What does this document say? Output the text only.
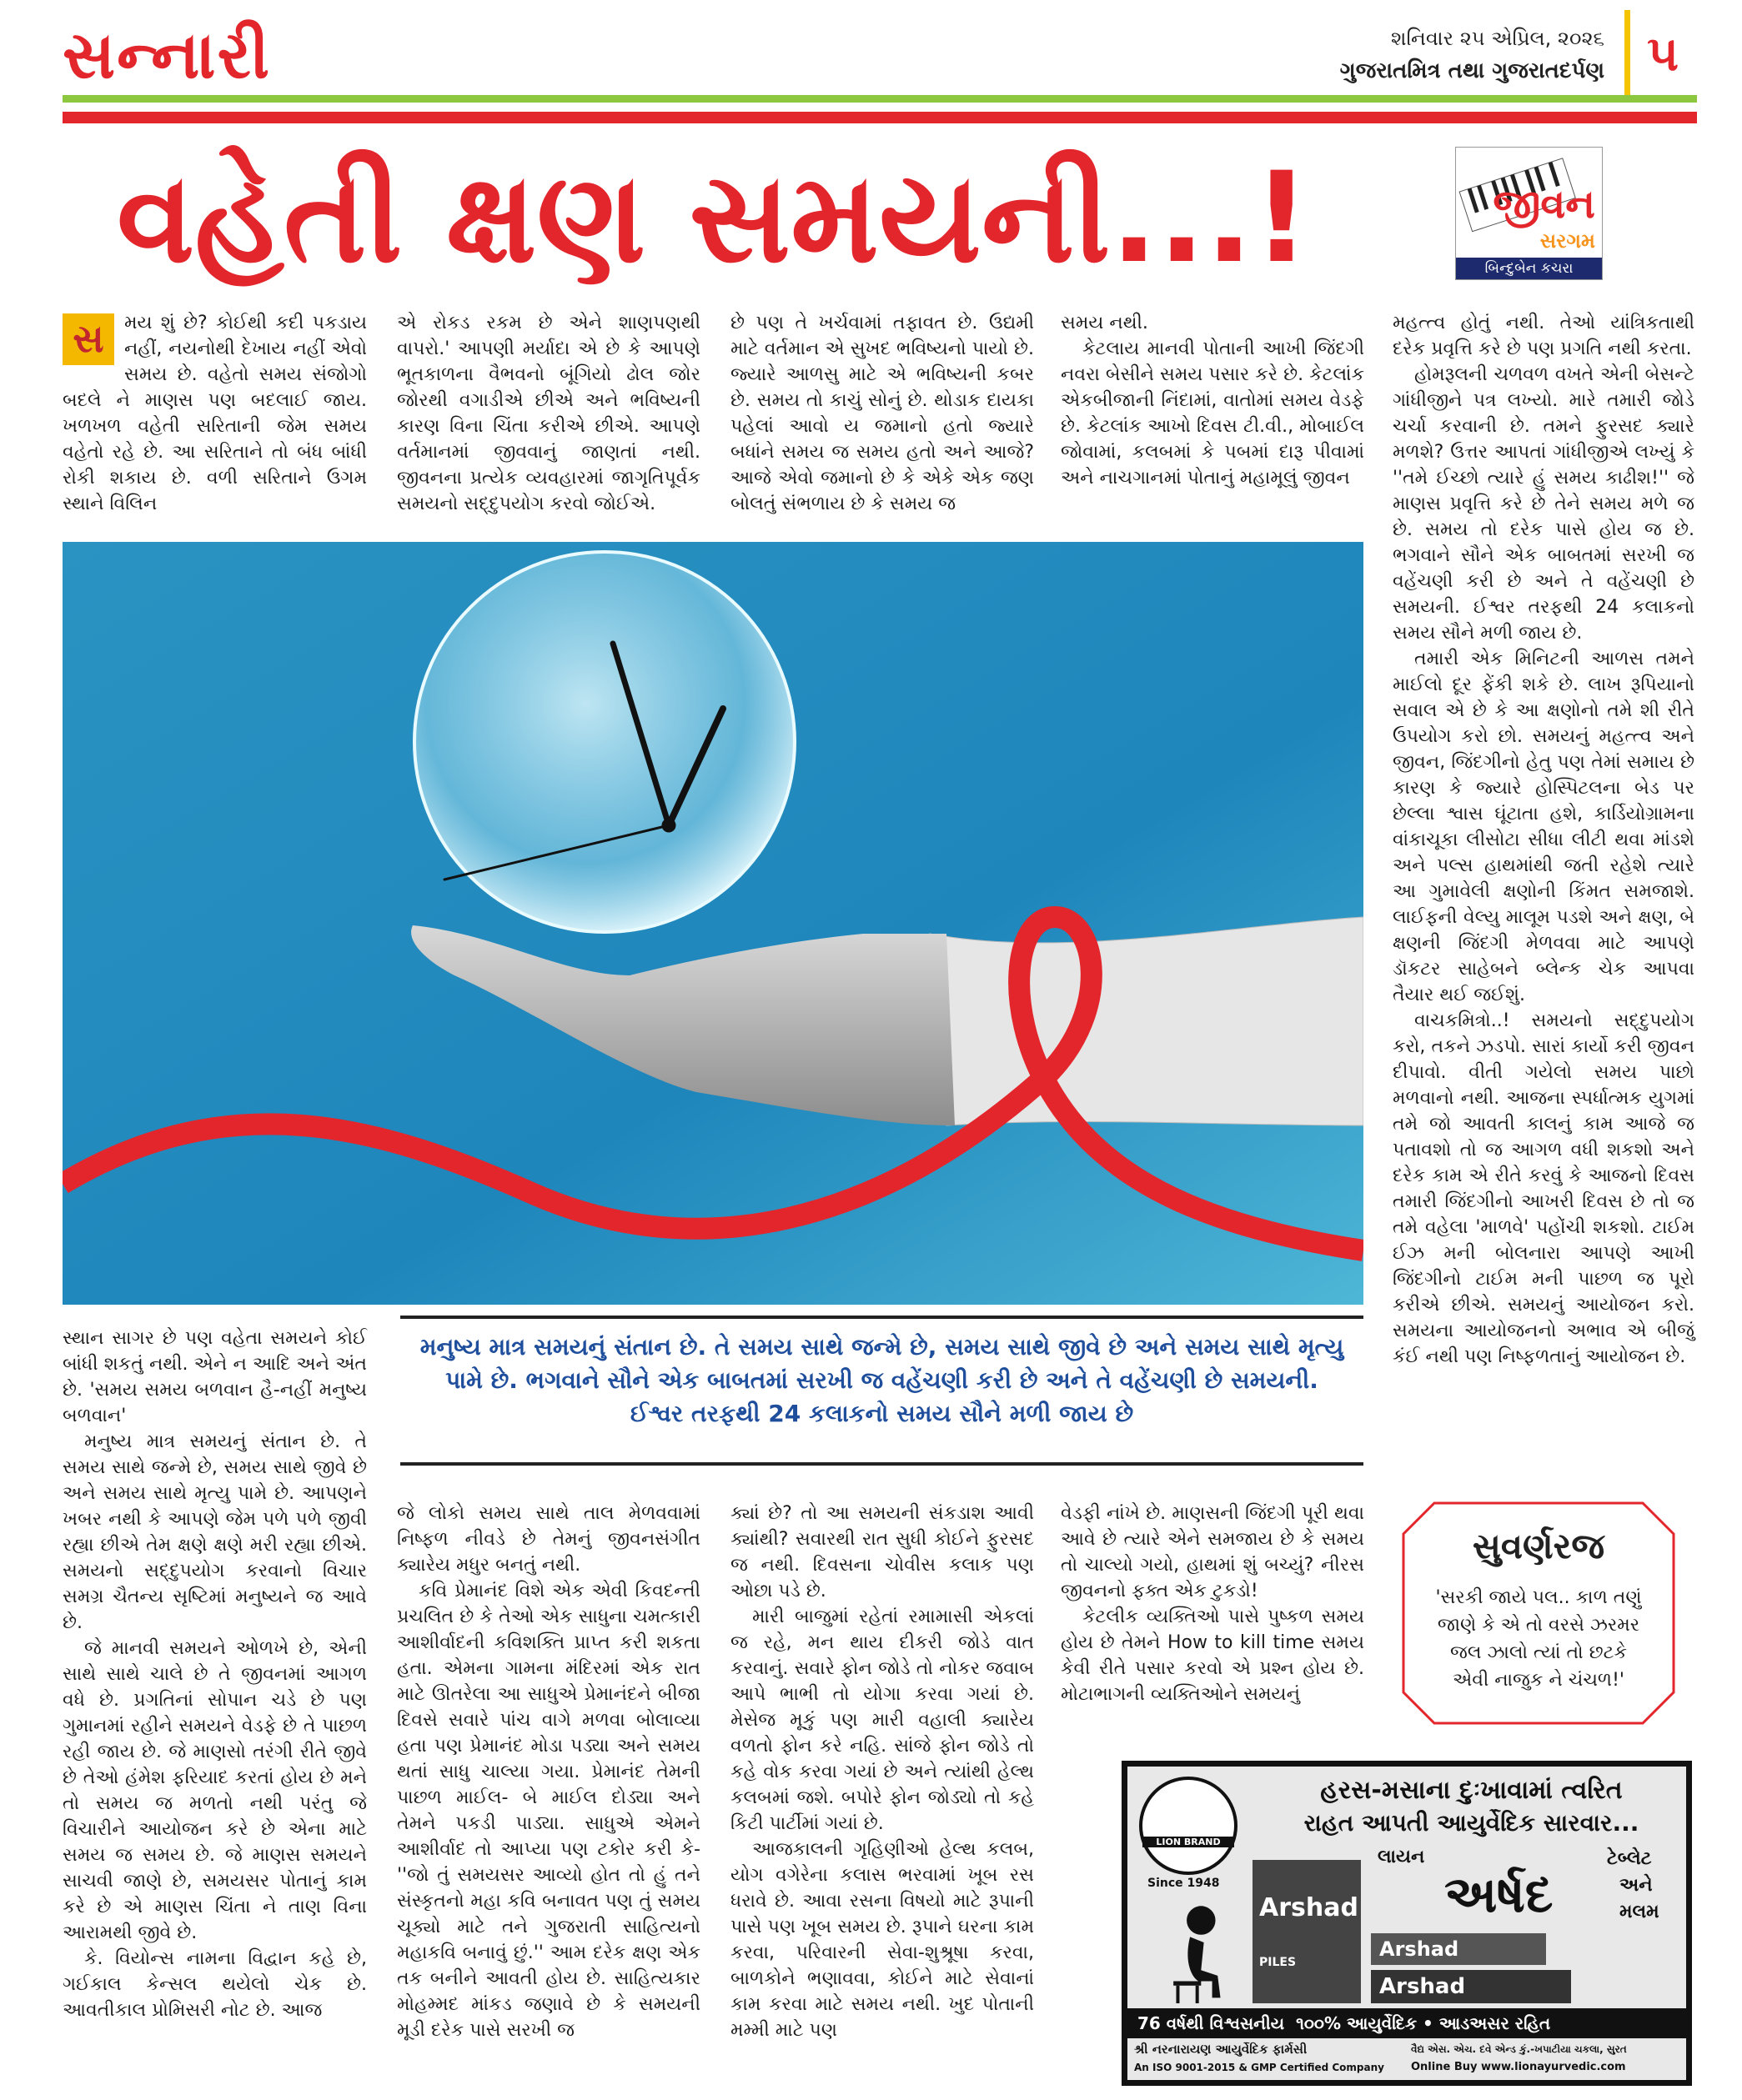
સન્નારી	શનિવાર ૨૫ એપ્રિલ, ૨૦૨૬
ગુજરાતમિત્ર તથા ગુજરાતદર્પણ ૫
વહેતી ક્ષણ સમયની...!	જીવન
સરગમ
બિન્દુબેન કચરા
સ	મય શું છે? કોઈથી કદી પકડાય નહીં, નયનોથી દેખાય નહીં એવો સમય છે. વહેતો સમય સંજોગો બદલે ને માણસ પણ બદલાઈ જાય. ખળખળ વહેતી સરિતાની જેમ સમય વહેતો રહે છે. આ સરિતાને તો બંધ બાંધી રોકી શકાય છે. વળી સરિતાને ઉગમ સ્થાને વિલિન

એ રોકડ રકમ છે એને શાણપણથી વાપરો.' આપણી મર્યાદા એ છે કે આપણે ભૂતકાળના વૈભવનો બૂંગિયો ઢોલ જોર જોરથી વગાડીએ છીએ અને ભવિષ્યની કારણ વિના ચિંતા કરીએ છીએ. આપણે વર્તમાનમાં જીવવાનું જાણતાં નથી. જીવનના પ્રત્યેક વ્યવહારમાં જાગૃતિપૂર્વક સમયનો સદ્દુપયોગ કરવો જોઈએ.

છે પણ તે ખર્ચવામાં તફાવત છે. ઉદ્યમી માટે વર્તમાન એ સુખદ ભવિષ્યનો પાયો છે. જ્યારે આળસુ માટે એ ભવિષ્યની કબર છે. સમય તો કાચું સોનું છે. થોડાક દાયકા પહેલાં આવો ય જમાનો હતો જ્યારે બધાંને સમય જ સમય હતો અને આજે? આજે એવો જમાનો છે કે એકે એક જણ બોલતું સંભળાય છે કે સમય જ

સમય નથી.

કેટલાય માનવી પોતાની આખી જિંદગી નવરા બેસીને સમય પસાર કરે છે. કેટલાંક એકબીજાની નિંદામાં, વાતોમાં સમય વેડફે છે. કેટલાંક આખો દિવસ ટી.વી., મોબાઈલ જોવામાં, કલબમાં કે પબમાં દારૂ પીવામાં અને નાચગાનમાં પોતાનું મહામૂલું જીવન

મહત્ત્વ હોતું નથી. તેઓ યાંત્રિકતાથી દરેક પ્રવૃત્તિ કરે છે પણ પ્રગતિ નથી કરતા.

હોમરૂલની ચળવળ વખતે એની બેસન્ટે ગાંધીજીને પત્ર લખ્યો. મારે તમારી જોડે ચર્ચા કરવાની છે. તમને ફુરસદ ક્યારે મળશે? ઉત્તર આપતાં ગાંધીજીએ લખ્યું કે ''તમે ઈચ્છો ત્યારે હું સમય કાઢીશ!'' જે માણસ પ્રવૃત્તિ કરે છે તેને સમય મળે જ છે. સમય તો દરેક પાસે હોય જ છે. ભગવાને સૌને એક બાબતમાં સરખી જ વહેંચણી કરી છે અને તે વહેંચણી છે સમયની. ઈશ્વર તરફથી 24 કલાકનો સમય સૌને મળી જાય છે.

તમારી એક મિનિટની આળસ તમને માઈલો દૂર ફેંકી શકે છે. લાખ રૂપિયાનો સવાલ એ છે કે આ ક્ષણોનો તમે શી રીતે ઉપયોગ કરો છો. સમયનું મહત્ત્વ અને જીવન, જિંદગીનો હેતુ પણ તેમાં સમાય છે કારણ કે જ્યારે હોસ્પિટલના બેડ પર છેલ્લા શ્વાસ ઘૂંટાતા હશે, કાર્ડિયોગ્રામના વાંકાચૂકા લીસોટા સીધા લીટી થવા માંડશે અને પલ્સ હાથમાંથી જતી રહેશે ત્યારે આ ગુમાવેલી ક્ષણોની કિંમત સમજાશે. લાઈફની વેલ્યુ માલૂમ પડશે અને ક્ષણ, બે ક્ષણની જિંદગી મેળવવા માટે આપણે ડૉકટર સાહેબને બ્લેન્ક ચેક આપવા તૈયાર થઈ જઈશું.

વાચકમિત્રો..! સમયનો સદ્દુપયોગ કરો, તકને ઝડપો. સારાં કાર્યો કરી જીવન દીપાવો. વીતી ગયેલો સમય પાછો મળવાનો નથી. આજના સ્પર્ધાત્મક યુગમાં તમે જો આવતી કાલનું કામ આજે જ પતાવશો તો જ આગળ વધી શકશો અને દરેક કામ એ રીતે કરવું કે આજનો દિવસ તમારી જિંદગીનો આખરી દિવસ છે તો જ તમે વહેલા 'માળવે' પહોંચી શકશો. ટાઈમ ઈઝ મની બોલનારા આપણે આખી જિંદગીનો ટાઈમ મની પાછળ જ પૂરો કરીએ છીએ. સમયનું આયોજન કરો. સમયના આયોજનનો અભાવ એ બીજું કંઈ નથી પણ નિષ્ફળતાનું આયોજન છે.

મનુષ્ય માત્ર સમયનું સંતાન છે. તે સમય સાથે જન્મે છે, સમય સાથે જીવે છે અને સમય સાથે મૃત્યુ પામે છે. ભગવાને સૌને એક બાબતમાં સરખી જ વહેંચણી કરી છે અને તે વહેંચણી છે સમયની.
ઈશ્વર તરફથી 24 કલાકનો સમય સૌને મળી જાય છે

સ્થાન સાગર છે પણ વહેતા સમયને કોઈ બાંધી શકતું નથી. એને ન આદિ અને અંત છે. 'સમય સમય બળવાન હૈ-નહીં મનુષ્ય બળવાન'

મનુષ્ય માત્ર સમયનું સંતાન છે. તે સમય સાથે જન્મે છે, સમય સાથે જીવે છે અને સમય સાથે મૃત્યુ પામે છે. આપણને ખબર નથી કે આપણે જેમ પળે પળે જીવી રહ્યા છીએ તેમ ક્ષણે ક્ષણે મરી રહ્યા છીએ. સમયનો સદ્દુપયોગ કરવાનો વિચાર સમગ્ર ચૈતન્ય સૃષ્ટિમાં મનુષ્યને જ આવે છે.

જે માનવી સમયને ઓળખે છે, એની સાથે સાથે ચાલે છે તે જીવનમાં આગળ વધે છે. પ્રગતિનાં સોપાન ચડે છે પણ ગુમાનમાં રહીને સમયને વેડફે છે તે પાછળ રહી જાય છે. જે માણસો તરંગી રીતે જીવે છે તેઓ હંમેશ ફરિયાદ કરતાં હોય છે મને તો સમય જ મળતો નથી પરંતુ જે વિચારીને આયોજન કરે છે એના માટે સમય જ સમય છે. જે માણસ સમયને સાચવી જાણે છે, સમયસર પોતાનું કામ કરે છે એ માણસ ચિંતા ને તાણ વિના આરામથી જીવે છે.

કે. વિયોન્સ નામના વિદ્વાન કહે છે, ગઈકાલ કેન્સલ થયેલો ચેક છે. આવતીકાલ પ્રોમિસરી નોટ છે. આજ

જે લોકો સમય સાથે તાલ મેળવવામાં નિષ્ફળ નીવડે છે તેમનું જીવનસંગીત ક્યારેય મધુર બનતું નથી.

કવિ પ્રેમાનંદ વિશે એક એવી કિવદન્તી પ્રચલિત છે કે તેઓ એક સાધુના ચમત્કારી આશીર્વાદની કવિશક્તિ પ્રાપ્ત કરી શકતા હતા. એમના ગામના મંદિરમાં એક રાત માટે ઊતરેલા આ સાધુએ પ્રેમાનંદને બીજા દિવસે સવારે પાંચ વાગે મળવા બોલાવ્યા હતા પણ પ્રેમાનંદ મોડા પડ્યા અને સમય થતાં સાધુ ચાલ્યા ગયા. પ્રેમાનંદ તેમની પાછળ માઈલ- બે માઈલ દોડ્યા અને તેમને પકડી પાડ્યા. સાધુએ એમને આશીર્વાદ તો આપ્યા પણ ટકોર કરી કે- ''જો તું સમયસર આવ્યો હોત તો હું તને સંસ્કૃતનો મહા કવિ બનાવત પણ તું સમય ચૂક્યો માટે તને ગુજરાતી સાહિત્યનો મહાકવિ બનાવું છું.'' આમ દરેક ક્ષણ એક તક બનીને આવતી હોય છે. સાહિત્યકાર મોહમ્મદ માંકડ જણાવે છે કે સમયની મૂડી દરેક પાસે સરખી જ

ક્યાં છે? તો આ સમયની સંકડાશ આવી ક્યાંથી? સવારથી રાત સુધી કોઈને ફુરસદ જ નથી. દિવસના ચોવીસ કલાક પણ ઓછા પડે છે.

મારી બાજુમાં રહેતાં રમામાસી એકલાં જ રહે, મન થાય દીકરી જોડે વાત કરવાનું. સવારે ફોન જોડે તો નોકર જવાબ આપે ભાભી તો યોગા કરવા ગયાં છે. મેસેજ મૂકું પણ મારી વહાલી ક્યારેય વળતો ફોન કરે નહિ. સાંજે ફોન જોડે તો કહે વોક કરવા ગયાં છે અને ત્યાંથી હેલ્થ કલબમાં જશે. બપોરે ફોન જોડ્યો તો કહે કિટી પાર્ટીમાં ગયાં છે.

આજકાલની ગૃહિણીઓ હેલ્થ કલબ, યોગ વગેરેના કલાસ ભરવામાં ખૂબ રસ ધરાવે છે. આવા રસના વિષયો માટે રૂપાની પાસે પણ ખૂબ સમય છે. રૂપાને ઘરના કામ કરવા, પરિવારની સેવા-શુશ્રૂષા કરવા, બાળકોને ભણાવવા, કોઈને માટે સેવાનાં કામ કરવા માટે સમય નથી. ખુદ પોતાની મમ્મી માટે પણ

વેડફી નાંખે છે. માણસની જિંદગી પૂરી થવા આવે છે ત્યારે એને સમજાય છે કે સમય તો ચાલ્યો ગયો, હાથમાં શું બચ્યું? નીરસ જીવનનો ફક્ત એક ટુકડો!

કેટલીક વ્યક્તિઓ પાસે પુષ્કળ સમય હોય છે તેમને How to kill time સમય કેવી રીતે પસાર કરવો એ પ્રશ્ન હોય છે. મોટાભાગની વ્યક્તિઓને સમયનું

સુવર્ણરજ
'સરકી જાયે પલ.. કાળ તણું જાણે કે એ તો વરસે ઝરમર જલ ઝાલો ત્યાં તો છટકે એવી નાજુક ને ચંચળ!'
LION BRAND
Since 1948
હરસ-મસાના દુઃખાવામાં ત્વરિત
રાહત આપતી આયુર્વેદિક સારવાર...
Arshad
PILES
Arshad
Arshad
લાયન
અર્ષદ
ટેબ્લેટ
અને
મલમ
76 વર્ષથી વિશ્વસનીય ૧૦૦% આયુર્વેદિક • આડઅસર રહિત
શ્રી નરનારાયણ આયુર્વેદિક ફાર્મસી	વૈદ્ય એસ. એચ. દવે એન્ડ કું.-ખપાટીયા ચકલા, સુરત
An ISO 9001-2015 & GMP Certified Company Online Buy www.lionayurvedic.com
